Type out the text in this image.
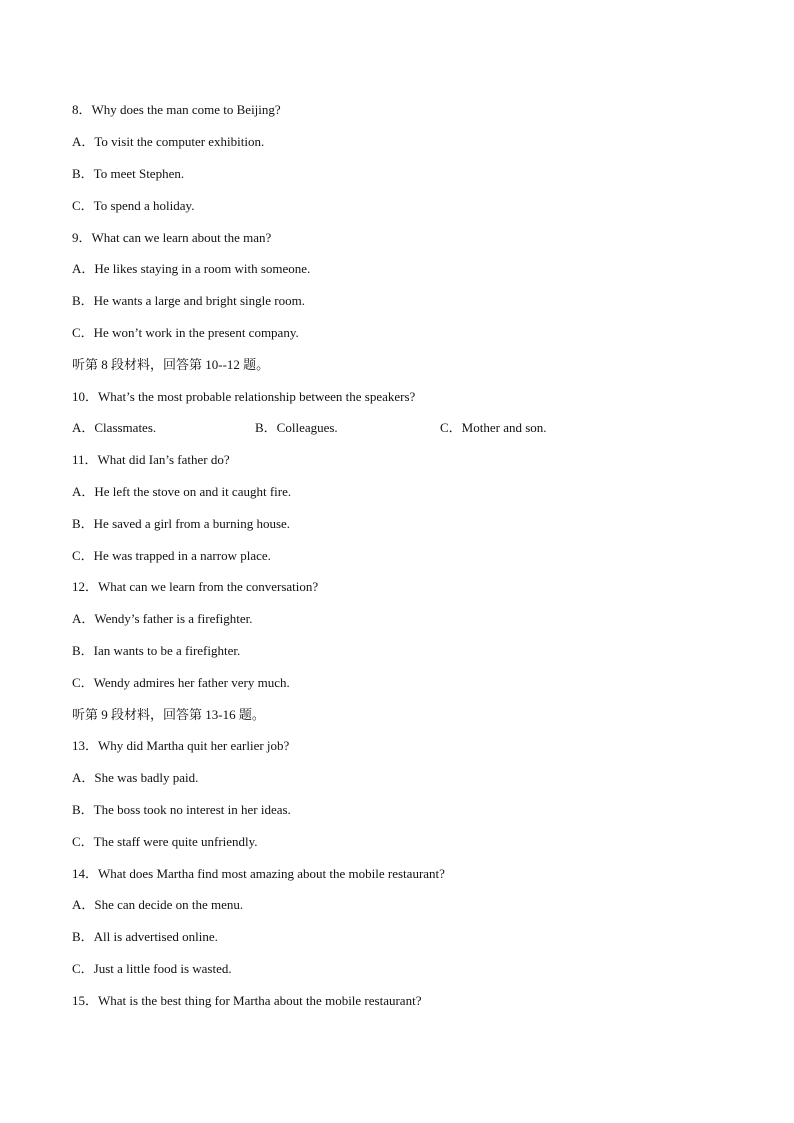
8．Why does the man come to Beijing?
A．To visit the computer exhibition.
B．To meet Stephen.
C．To spend a holiday.
9．What can we learn about the man?
A．He likes staying in a room with someone.
B．He wants a large and bright single room.
C．He won’t work in the present company.
听第 8 段材料，回答第 10--12 题。
10．What’s the most probable relationship between the speakers?
A．Classmates.	B．Colleagues.	C．Mother and son.
11．What did Ian’s father do?
A．He left the stove on and it caught fire.
B．He saved a girl from a burning house.
C．He was trapped in a narrow place.
12．What can we learn from the conversation?
A．Wendy’s father is a firefighter.
B．Ian wants to be a firefighter.
C．Wendy admires her father very much.
听第 9 段材料，回答第 13-16 题。
13．Why did Martha quit her earlier job?
A．She was badly paid.
B．The boss took no interest in her ideas.
C．The staff were quite unfriendly.
14．What does Martha find most amazing about the mobile restaurant?
A．She can decide on the menu.
B．All is advertised online.
C．Just a little food is wasted.
15．What is the best thing for Martha about the mobile restaurant?
